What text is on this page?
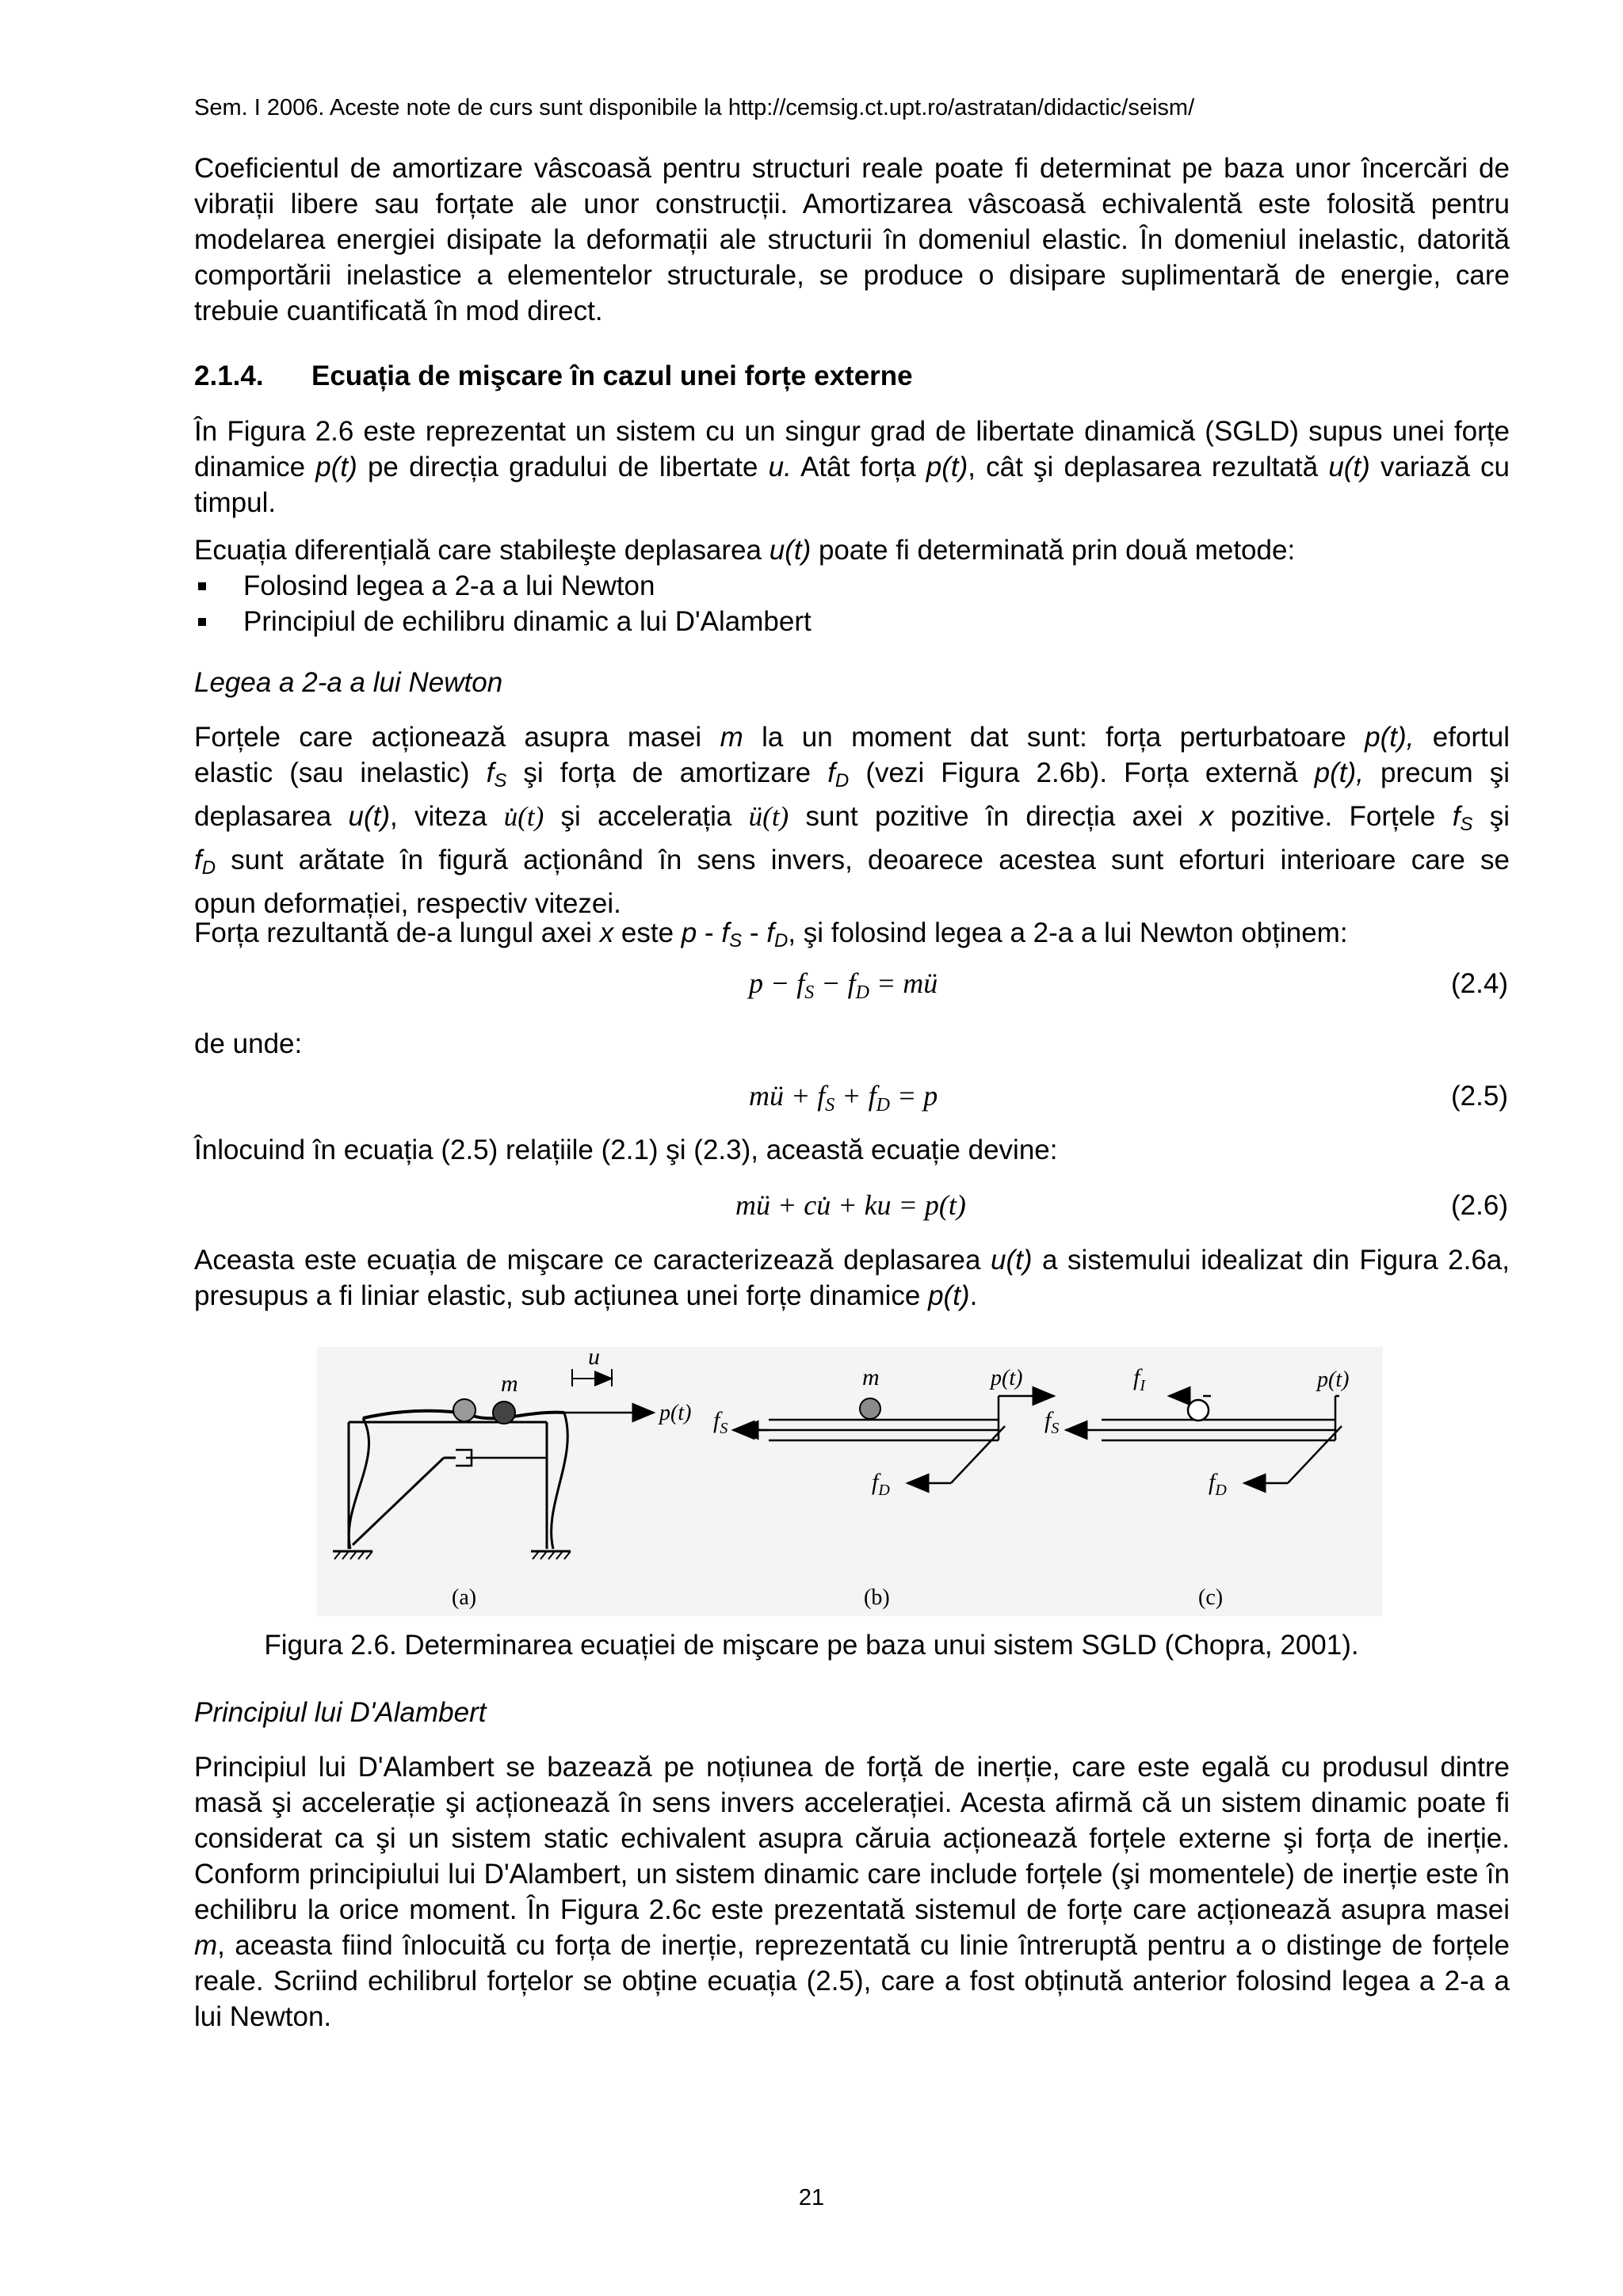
Sem. I 2006. Aceste note de curs sunt disponibile la http://cemsig.ct.upt.ro/astratan/didactic/seism/

Coeficientul de amortizare vâscoasă pentru structuri reale poate fi determinat pe baza unor încercări de vibrații libere sau forțate ale unor construcții. Amortizarea vâscoasă echivalentă este folosită pentru modelarea energiei disipate la deformații ale structurii în domeniul elastic. În domeniul inelastic, datorită comportării inelastice a elementelor structurale, se produce o disipare suplimentară de energie, care trebuie cuantificată în mod direct.

2.1.4. Ecuația de mişcare în cazul unei forțe externe

În Figura 2.6 este reprezentat un sistem cu un singur grad de libertate dinamică (SGLD) supus unei forțe dinamice p(t) pe direcția gradului de libertate u. Atât forța p(t), cât şi deplasarea rezultată u(t) variază cu timpul.

Ecuația diferențială care stabileşte deplasarea u(t) poate fi determinată prin două metode:
Folosind legea a 2-a a lui Newton
Principiul de echilibru dinamic a lui D'Alambert
Legea a 2-a a lui Newton
Forțele care acționează asupra masei m la un moment dat sunt: forța perturbatoare p(t), efortul
elastic (sau inelastic) $f_S$ şi forța de amortizare $f_D$ (vezi Figura 2.6b). Forța externă p(t), precum şi
deplasarea u(t), viteza u̇(t) şi accelerația ü(t) sunt pozitive în direcția axei x pozitive. Forțele $f_S$ şi
$f_D$ sunt arătate în figură acționând în sens invers, deoarece acestea sunt eforturi interioare care se
opun deformației, respectiv vitezei.
Forța rezultantă de-a lungul axei x este p - $f_S - f_D$, şi folosind legea a 2-a a lui Newton obținem:
p − fS − fD = mü	(2.4)
de unde:
mü + fS + fD = p	(2.5)
Înlocuind în ecuația (2.5) relațiile (2.1) şi (2.3), această ecuație devine:
mü + cu̇ + ku = p(t)	(2.6)

Aceasta este ecuația de mişcare ce caracterizează deplasarea u(t) a sistemului idealizat din Figura 2.6a, presupus a fi liniar elastic, sub acțiunea unei forțe dinamice p(t).

m
u
p(t)
(a)
m	p(t)
$f_S$
$f_D$
(b)
$f_I$	p(t)
$f_S$
$f_D$
(c)
Figura 2.6. Determinarea ecuației de mişcare pe baza unui sistem SGLD (Chopra, 2001).
Principiul lui D'Alambert

Principiul lui D'Alambert se bazează pe noțiunea de forță de inerție, care este egală cu produsul dintre masă şi accelerație şi acționează în sens invers accelerației. Acesta afirmă că un sistem dinamic poate fi considerat ca şi un sistem static echivalent asupra căruia acționează forțele externe şi forța de inerție. Conform principiului lui D'Alambert, un sistem dinamic care include forțele (şi momentele) de inerție este în echilibru la orice moment. În Figura 2.6c este prezentată sistemul de forțe care acționează asupra masei m, aceasta fiind înlocuită cu forța de inerție, reprezentată cu linie întreruptă pentru a o distinge de forțele reale. Scriind echilibrul forțelor se obține ecuația (2.5), care a fost obținută anterior folosind legea a 2-a a lui Newton.

21
